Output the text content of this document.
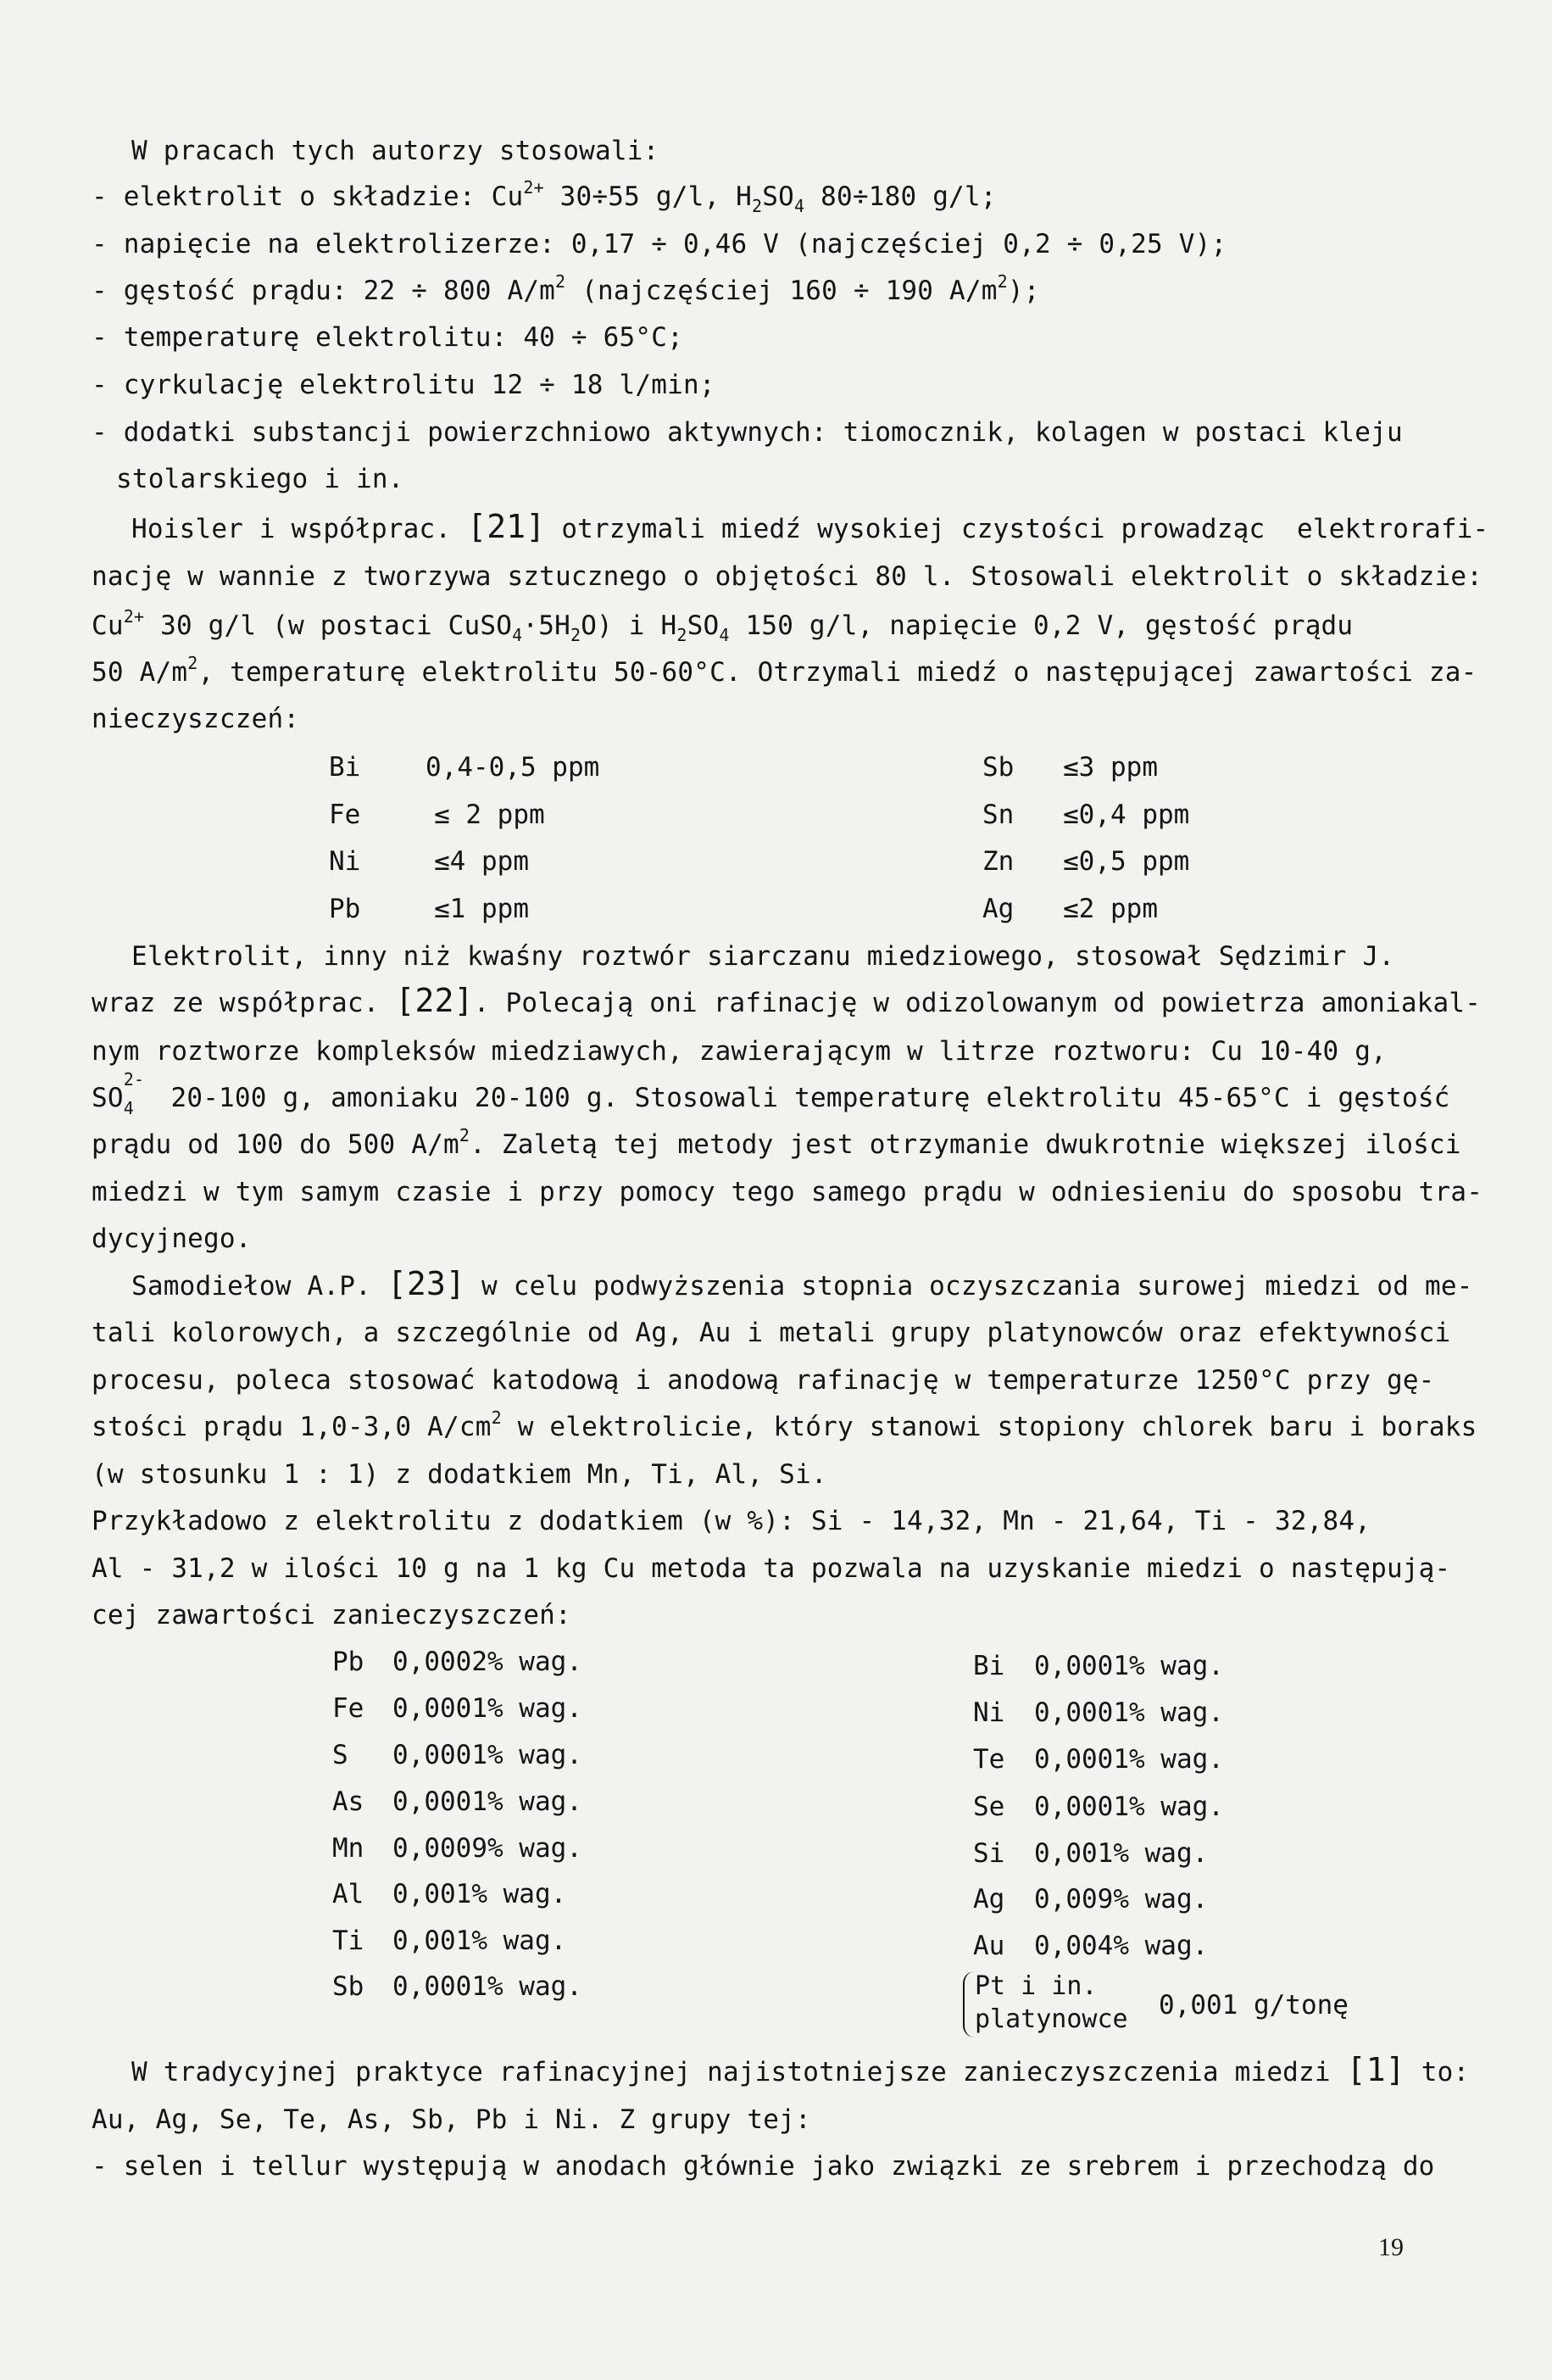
W pracach tych autorzy stosowali:
- elektrolit o składzie: $Cu^{2+}$ 30÷55 g/l, $H_2SO_4$ 80÷180 g/l;
- napięcie na elektrolizerze: 0,17 ÷ 0,46 V (najczęściej 0,2 ÷ 0,25 V);
- gęstość prądu: 22 ÷ 800 $A/m^2$ (najczęściej 160 ÷ 190 $A/m^2$);
- temperaturę elektrolitu: 40 ÷ 65°C;
- cyrkulację elektrolitu 12 ÷ 18 l/min;
- dodatki substancji powierzchniowo aktywnych: tiomocznik, kolagen w postaci kleju
stolarskiego i in.
Hoisler i współprac. [21] otrzymali miedź wysokiej czystości prowadząc  elektrorafi-
nację w wannie z tworzywa sztucznego o objętości 80 l. Stosowali elektrolit o składzie:
$Cu^{2+}$ 30 g/l (w postaci $CuSO_4\cdot 5H_2O$) i $H_2SO_4$ 150 g/l, napięcie 0,2 V, gęstość prądu
50 $A/m^2$, temperaturę elektrolitu 50-60°C. Otrzymali miedź o następującej zawartości za-
nieczyszczeń:
Bi 0,4-0,5 ppm	Sb ≤3 ppm
Fe	≤ 2 ppm	Sn ≤0,4 ppm
Ni	≤4 ppm	Zn ≤0,5 ppm
Pb	≤1 ppm	Ag ≤2 ppm
Elektrolit, inny niż kwaśny roztwór siarczanu miedziowego, stosował Sędzimir J.
wraz ze współprac. [22]. Polecają oni rafinację w odizolowanym od powietrza amoniakal-
nym roztworze kompleksów miedziawych, zawierającym w litrze roztworu: Cu 10-40 g,
SO
2-
4 20-100 g, amoniaku 20-100 g. Stosowali temperaturę elektrolitu 45-65°C i gęstość
prądu od 100 do 500 $A/m^2$. Zaletą tej metody jest otrzymanie dwukrotnie większej ilości
miedzi w tym samym czasie i przy pomocy tego samego prądu w odniesieniu do sposobu tra-
dycyjnego.
Samodiełow A.P. [23] w celu podwyższenia stopnia oczyszczania surowej miedzi od me-
tali kolorowych, a szczególnie od Ag, Au i metali grupy platynowców oraz efektywności
procesu, poleca stosować katodową i anodową rafinację w temperaturze 1250°C przy gę-
stości prądu 1,0-3,0 $A/cm^2$ w elektrolicie, który stanowi stopiony chlorek baru i boraks
(w stosunku 1 : 1) z dodatkiem Mn, Ti, Al, Si.
Przykładowo z elektrolitu z dodatkiem (w %): Si - 14,32, Mn - 21,64, Ti - 32,84,
Al - 31,2 w ilości 10 g na 1 kg Cu metoda ta pozwala na uzyskanie miedzi o następują-
cej zawartości zanieczyszczeń:
Pb 0,0002% wag.
Fe 0,0001% wag.
S 0,0001% wag.
As 0,0001% wag.
Mn 0,0009% wag.
Al 0,001% wag.
Ti 0,001% wag.
Sb 0,0001% wag.
Bi 0,0001% wag.
Ni 0,0001% wag.
Te 0,0001% wag.
Se 0,0001% wag.
Si 0,001% wag.
Ag 0,009% wag.
Au 0,004% wag.
Pt i in.
platynowce 0,001 g/tonę
W tradycyjnej praktyce rafinacyjnej najistotniejsze zanieczyszczenia miedzi [1] to:
Au, Ag, Se, Te, As, Sb, Pb i Ni. Z grupy tej:
- selen i tellur występują w anodach głównie jako związki ze srebrem i przechodzą do
19
